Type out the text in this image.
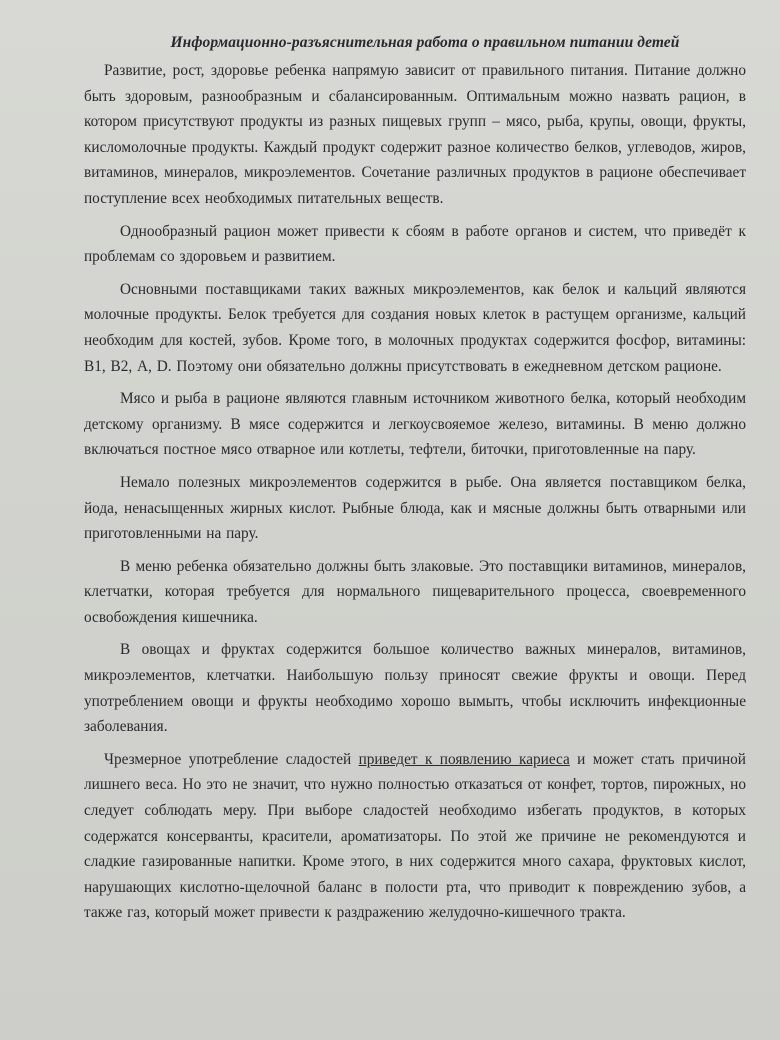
Информационно-разъяснительная работа о правильном питании детей

Развитие, рост, здоровье ребенка напрямую зависит от правильного питания. Питание должно быть здоровым, разнообразным и сбалансированным. Оптимальным можно назвать рацион, в котором присутствуют продукты из разных пищевых групп – мясо, рыба, крупы, овощи, фрукты, кисломолочные продукты. Каждый продукт содержит разное количество белков, углеводов, жиров, витаминов, минералов, микроэлементов. Сочетание различных продуктов в рационе обеспечивает поступление всех необходимых питательных веществ.

Однообразный рацион может привести к сбоям в работе органов и систем, что приведёт к проблемам со здоровьем и развитием.

Основными поставщиками таких важных микроэлементов, как белок и кальций являются молочные продукты. Белок требуется для создания новых клеток в растущем организме, кальций необходим для костей, зубов. Кроме того, в молочных продуктах содержится фосфор, витамины: В1, В2, А, D. Поэтому они обязательно должны присутствовать в ежедневном детском рационе.

Мясо и рыба в рационе являются главным источником животного белка, который необходим детскому организму. В мясе содержится и легкоусвояемое железо, витамины. В меню должно включаться постное мясо отварное или котлеты, тефтели, биточки, приготовленные на пару.

Немало полезных микроэлементов содержится в рыбе. Она является поставщиком белка, йода, ненасыщенных жирных кислот. Рыбные блюда, как и мясные должны быть отварными или приготовленными на пару.

В меню ребенка обязательно должны быть злаковые. Это поставщики витаминов, минералов, клетчатки, которая требуется для нормального пищеварительного процесса, своевременного освобождения кишечника.

В овощах и фруктах содержится большое количество важных минералов, витаминов, микроэлементов, клетчатки. Наибольшую пользу приносят свежие фрукты и овощи. Перед употреблением овощи и фрукты необходимо хорошо вымыть, чтобы исключить инфекционные заболевания.

Чрезмерное употребление сладостей приведет к появлению кариеса и может стать причиной лишнего веса. Но это не значит, что нужно полностью отказаться от конфет, тортов, пирожных, но следует соблюдать меру. При выборе сладостей необходимо избегать продуктов, в которых содержатся консерванты, красители, ароматизаторы. По этой же причине не рекомендуются и сладкие газированные напитки. Кроме этого, в них содержится много сахара, фруктовых кислот, нарушающих кислотно-щелочной баланс в полости рта, что приводит к повреждению зубов, а также газ, который может привести к раздражению желудочно-кишечного тракта.
